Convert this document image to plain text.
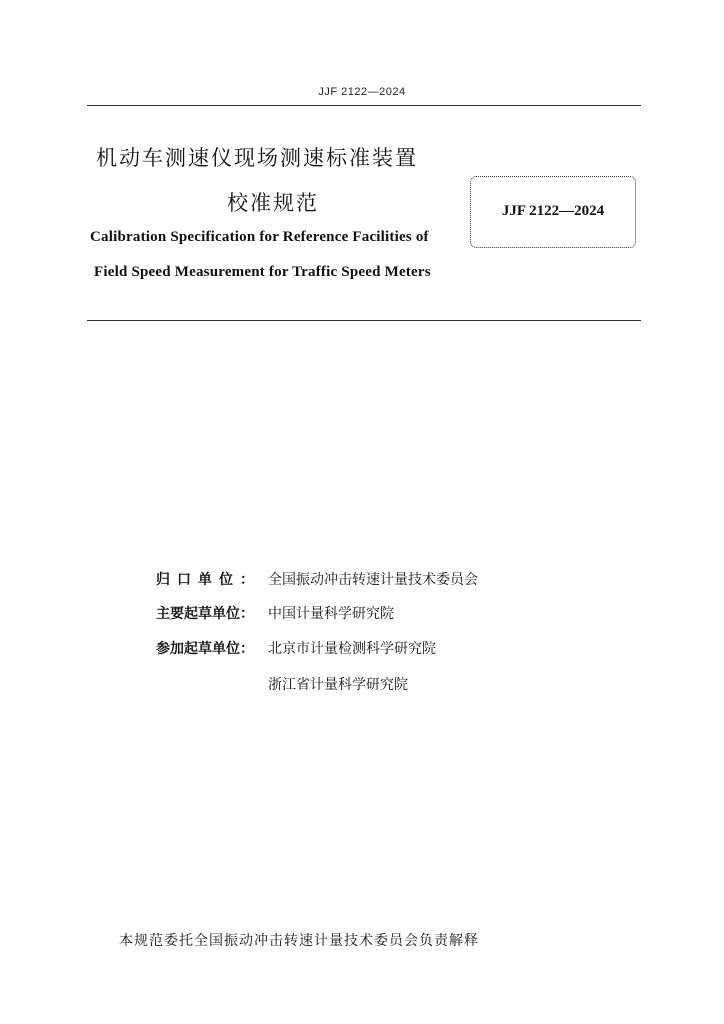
JJF 2122—2024
机动车测速仪现场测速标准装置
校准规范
Calibration Specification for Reference Facilities of
Field Speed Measurement for Traffic Speed Meters
JJF 2122—2024
归 口 单 位 ：	全国振动冲击转速计量技术委员会
主要起草单位：	中国计量科学研究院
参加起草单位：	北京市计量检测科学研究院
浙江省计量科学研究院
本规范委托全国振动冲击转速计量技术委员会负责解释
